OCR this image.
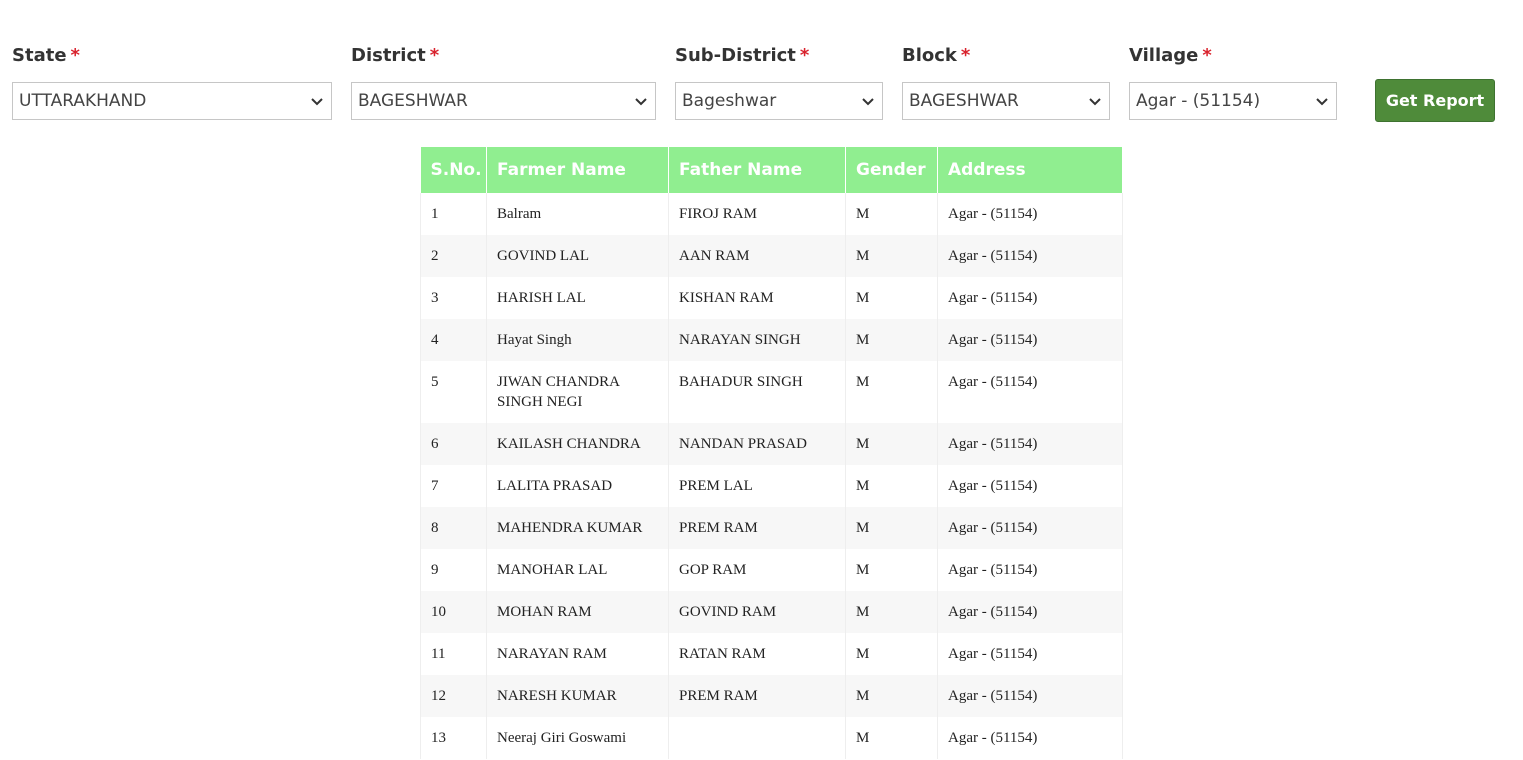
State *
UTTARAKHAND
District *
BAGESHWAR
Sub-District *
Bageshwar
Block *
BAGESHWAR
Village *
Agar - (51154)	Get Report
S.No.	Farmer Name	Father Name	Gender	Address
1	Balram	FIROJ RAM	M	Agar - (51154)
2	GOVIND LAL	AAN RAM	M	Agar - (51154)
3	HARISH LAL	KISHAN RAM	M	Agar - (51154)
4	Hayat Singh	NARAYAN SINGH	M	Agar - (51154)
5	JIWAN CHANDRA SINGH NEGI	BAHADUR SINGH	M	Agar - (51154)
6	KAILASH CHANDRA	NANDAN PRASAD	M	Agar - (51154)
7	LALITA PRASAD	PREM LAL	M	Agar - (51154)
8	MAHENDRA KUMAR	PREM RAM	M	Agar - (51154)
9	MANOHAR LAL	GOP RAM	M	Agar - (51154)
10	MOHAN RAM	GOVIND RAM	M	Agar - (51154)
11	NARAYAN RAM	RATAN RAM	M	Agar - (51154)
12	NARESH KUMAR	PREM RAM	M	Agar - (51154)
13	Neeraj Giri Goswami		M	Agar - (51154)
